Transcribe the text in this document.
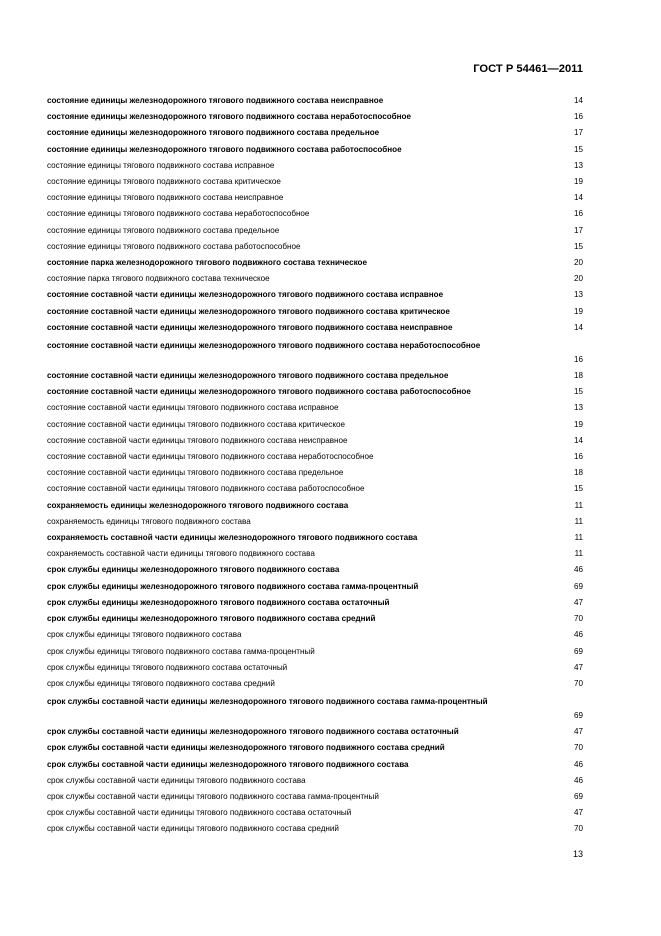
ГОСТ Р 54461—2011
состояние единицы железнодорожного тягового подвижного состава неисправное	14
состояние единицы железнодорожного тягового подвижного состава неработоспособное	16
состояние единицы железнодорожного тягового подвижного состава предельное	17
состояние единицы железнодорожного тягового подвижного состава работоспособное	15
состояние единицы тягового подвижного состава исправное	13
состояние единицы тягового подвижного состава критическое	19
состояние единицы тягового подвижного состава неисправное	14
состояние единицы тягового подвижного состава неработоспособное	16
состояние единицы тягового подвижного состава предельное	17
состояние единицы тягового подвижного состава работоспособное	15
состояние парка железнодорожного тягового подвижного состава техническое	20
состояние парка тягового подвижного состава техническое	20
состояние составной части единицы железнодорожного тягового подвижного состава исправное	13
состояние составной части единицы железнодорожного тягового подвижного состава критическое	19
состояние составной части единицы железнодорожного тягового подвижного состава неисправное	14
состояние составной части единицы железнодорожного тягового подвижного состава неработоспособное
16
состояние составной части единицы железнодорожного тягового подвижного состава предельное	18
состояние составной части единицы железнодорожного тягового подвижного состава работоспособное	15
состояние составной части единицы тягового подвижного состава исправное	13
состояние составной части единицы тягового подвижного состава критическое	19
состояние составной части единицы тягового подвижного состава неисправное	14
состояние составной части единицы тягового подвижного состава неработоспособное	16
состояние составной части единицы тягового подвижного состава предельное	18
состояние составной части единицы тягового подвижного состава работоспособное	15
сохраняемость единицы железнодорожного тягового подвижного состава	11
сохраняемость единицы тягового подвижного состава	11
сохраняемость составной части единицы железнодорожного тягового подвижного состава	11
сохраняемость составной части единицы тягового подвижного состава	11
срок службы единицы железнодорожного тягового подвижного состава	46
срок службы единицы железнодорожного тягового подвижного состава гамма-процентный	69
срок службы единицы железнодорожного тягового подвижного состава остаточный	47
срок службы единицы железнодорожного тягового подвижного состава средний	70
срок службы единицы тягового подвижного состава	46
срок службы единицы тягового подвижного состава гамма-процентный	69
срок службы единицы тягового подвижного состава остаточный	47
срок службы единицы тягового подвижного состава средний	70
срок службы составной части единицы железнодорожного тягового подвижного состава гамма-процентный
69
срок службы составной части единицы железнодорожного тягового подвижного состава остаточный	47
срок службы составной части единицы железнодорожного тягового подвижного состава средний	70
срок службы составной части единицы железнодорожного тягового подвижного состава	46
срок службы составной части единицы тягового подвижного состава	46
срок службы составной части единицы тягового подвижного состава гамма-процентный	69
срок службы составной части единицы тягового подвижного состава остаточный	47
срок службы составной части единицы тягового подвижного состава средний	70
13
